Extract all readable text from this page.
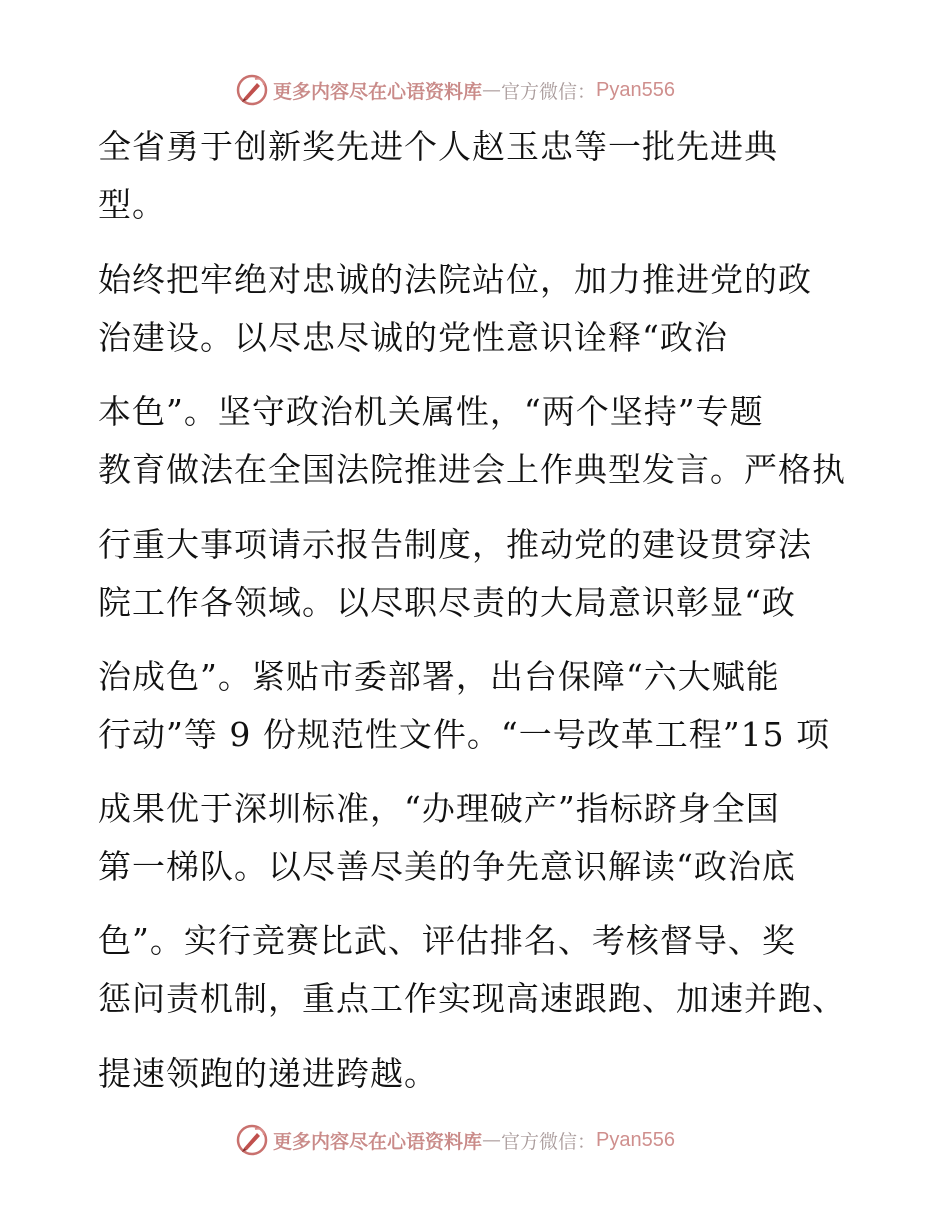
更多内容尽在心语资料库 — 官方微信： Pyan556
全省勇于创新奖先进个人赵玉忠等一批先进典
型。
始终把牢绝对忠诚的法院站位，加力推进党的政
治建设。以尽忠尽诚的党性意识诠释“政治
本色”。坚守政治机关属性，“两个坚持”专题
教育做法在全国法院推进会上作典型发言。严格执
行重大事项请示报告制度，推动党的建设贯穿法
院工作各领域。以尽职尽责的大局意识彰显“政
治成色”。紧贴市委部署，出台保障“六大赋能
行动”等 9 份规范性文件。“一号改革工程”15 项
成果优于深圳标准，“办理破产”指标跻身全国
第一梯队。以尽善尽美的争先意识解读“政治底
色”。实行竞赛比武、评估排名、考核督导、奖
惩问责机制，重点工作实现高速跟跑、加速并跑、
提速领跑的递进跨越。
更多内容尽在心语资料库 — 官方微信： Pyan556
